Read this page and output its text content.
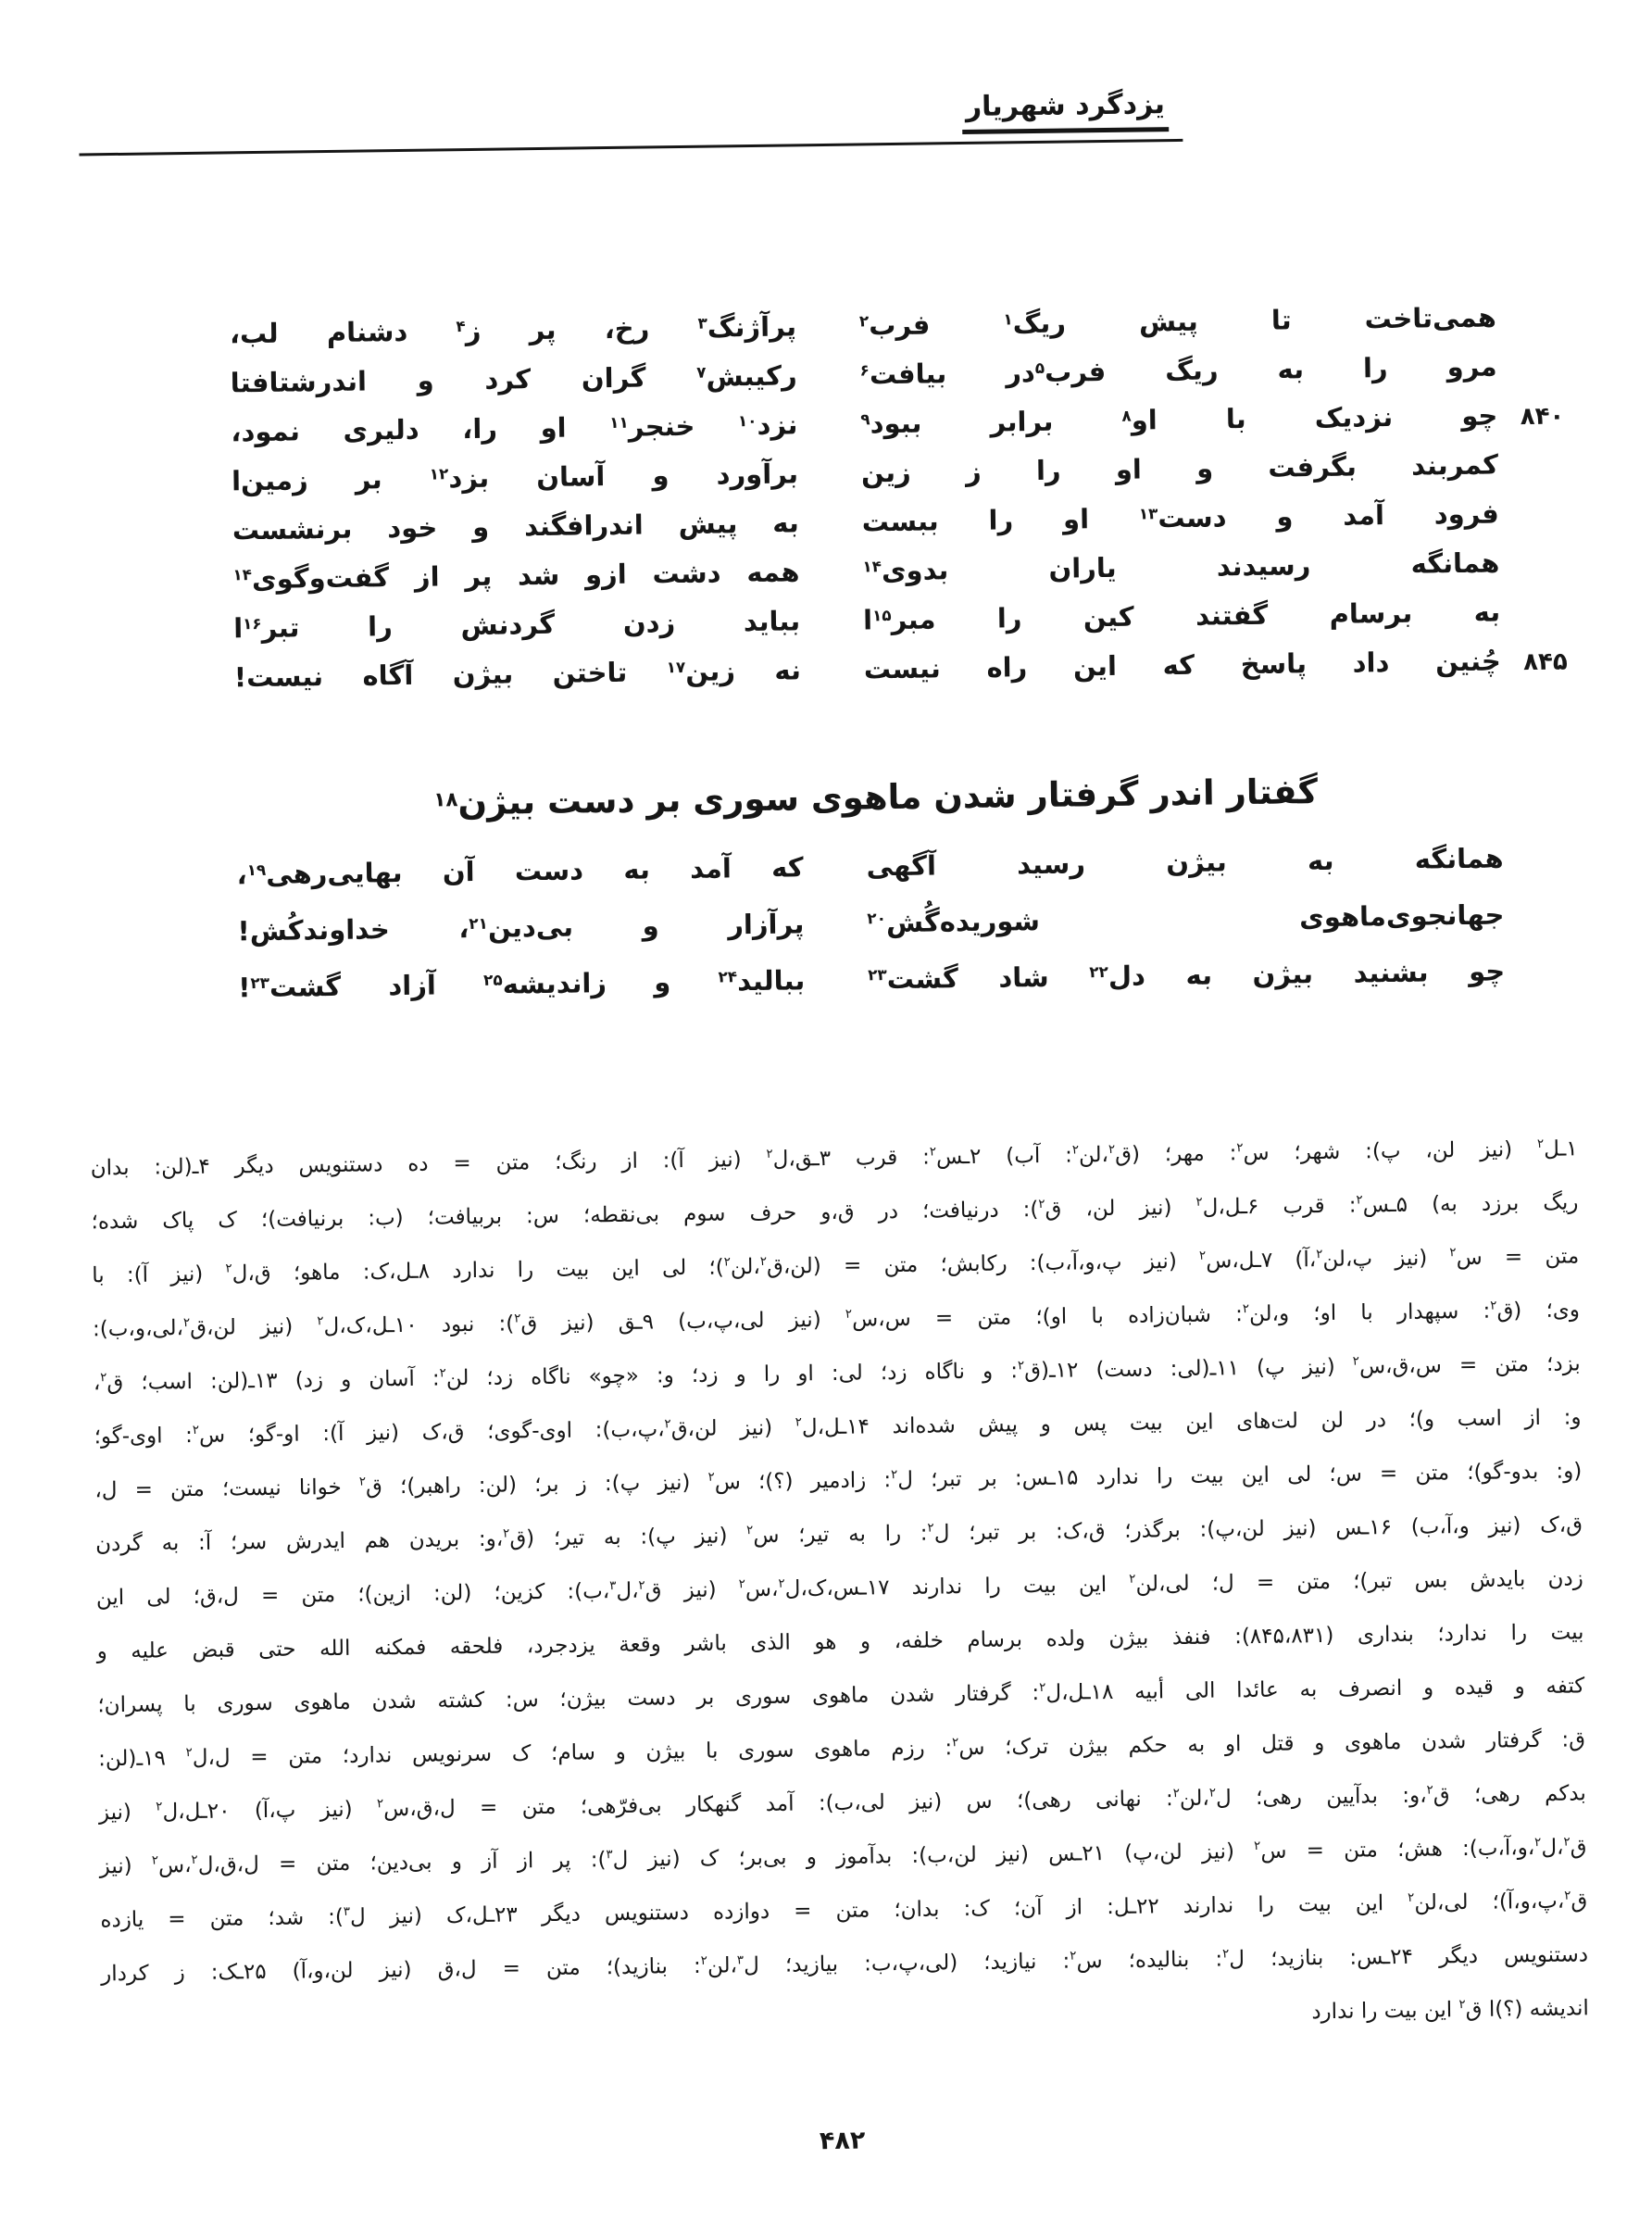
یزدگرد شهریار
همی‌تاخت تا پیش ریگ$^۱$ فرب$^۲$
پرآژنگ$^۳$ رخ، پر ز$^۴$ دشنام لب،
مرو را به ریگ فرب$^۵$در بیافت$^۶$
رکیبش$^۷$ گران کرد و اندرشتافتا
۸۴۰
چو نزدیک با او$^۸$ برابر ببود$^۹$
نزد$^{۱۰}$ خنجر$^{۱۱}$ او را، دلیری نمود،
کمربند بگرفت و او را ز زین
برآورد و آسان بزد$^{۱۲}$ بر زمین‌ا
فرود آمد و دست$^{۱۳}$ او را ببست
به پیش اندرافگند و خود برنشست
همانگه رسیدند یاران بدوی$^{۱۴}$
همه دشت ازو شد پر از گفت‌وگوی$^{۱۴}$
به برسام گفتند کین را مبر$^{۱۵}$ا
بباید زدن گردنش را تبر$^{۱۶}$ا
۸۴۵
چُنین داد پاسخ که این راه نیست
نه زین$^{۱۷}$ تاختن بیژن آگاه نیست!
گفتار اندر گرفتار شدن ماهوی سوری بر دست بیژن$^{۱۸}$
همانگه به بیژن رسید آگهی
که آمد به دست آن بهایی‌رهی$^{۱۹}$،
جهانجوی‌ماهوی شوریده‌گُش$^{۲۰}$
پرآزار و بی‌دین$^{۲۱}$، خداوندکُش!
چو بشنید بیژن به دل$^{۲۲}$ شاد گشت$^{۲۳}$
ببالید$^{۲۴}$ و زاندیشه$^{۲۵}$ آزاد گشت$^{۲۳}$!
۱ـل$^۲$ (نیز لن، پ): شهر؛ س$^۲$: مهر؛ (ق$^۲$،لن$^۲$: آب) ۲ـس$^۲$: قرب ۳ـق،ل$^۲$ (نیز آ): از رنگ؛ متن = ده دستنویس دیگر ۴ـ(لن: بدان
ریگ برزد به) ۵ـس$^۲$: قرب ۶ـل،ل$^۲$ (نیز لن، ق$^۲$): درنیافت؛ در ق،و حرف سوم بی‌نقطه؛ س: بربیافت؛ (ب: برنیافت)؛ ک پاک شده؛
متن = س$^۲$ (نیز پ،لن$^۲$،آ) ۷ـل،س$^۲$ (نیز پ،و،آ،ب): رکابش؛ متن = (لن،ق$^۲$،لن$^۲$)؛ لی این بیت را ندارد ۸ـل،ک: ماهو؛ ق،ل$^۲$ (نیز آ): با
وی؛ (ق$^۲$: سپهدار با او؛ و،لن$^۲$: شبان‌زاده با او)؛ متن = س،س$^۲$ (نیز لی،پ،ب) ۹ـق (نیز ق$^۲$): نبود ۱۰ـل،ک،ل$^۲$ (نیز لن،ق$^۲$،لی،و،ب):
بزد؛ متن = س،ق،س$^۲$ (نیز پ) ۱۱ـ(لی: دست) ۱۲ـ(ق$^۲$: و ناگاه زد؛ لی: او را و زد؛ و: «چو» ناگاه زد؛ لن$^۲$: آسان و زد) ۱۳ـ(لن: اسب؛ ق$^۲$،
و: از اسب و)؛ در لن لت‌های این بیت پس و پیش شده‌اند ۱۴ـل،ل$^۲$ (نیز لن،ق$^۲$،پ،ب): اوی-گوی؛ ق،ک (نیز آ): او-گو؛ س$^۲$: اوی-گو؛
(و: بدو-گو)؛ متن = س؛ لی این بیت را ندارد ۱۵ـس: بر تبر؛ ل$^۲$: زادمیر (؟)؛ س$^۲$ (نیز پ): ز بر؛ (لن: راهبر)؛ ق$^۲$ خوانا نیست؛ متن = ل،
ق،ک (نیز و،آ،ب) ۱۶ـس (نیز لن،پ): برگذر؛ ق،ک: بر تبر؛ ل$^۲$: را به تیر؛ س$^۲$ (نیز پ): به تیر؛ (ق$^۲$،و: بریدن هم ایدرش سر؛ آ: به گردن
زدن بایدش بس تبر)؛ متن = ل؛ لی،لن$^۲$ این بیت را ندارند ۱۷ـس،ک،ل$^۲$،س$^۲$ (نیز ق$^۲$،ل$^۳$،ب): کزین؛ (لن: ازین)؛ متن = ل،ق؛ لی این
بیت را ندارد؛ بنداری (۸۴۵،۸۳۱): فنفذ بیژن ولده برسام خلفه، و هو الذی باشر وقعة یزدجرد، فلحقه فمکنه الله حتی قبض علیه و
کتفه و قیده و انصرف به عائدا الی أبیه ۱۸ـل،ل$^۲$: گرفتار شدن ماهوی سوری بر دست بیژن؛ س: کشته شدن ماهوی سوری با پسران؛
ق: گرفتار شدن ماهوی و قتل او به حکم بیژن ترک؛ س$^۲$: رزم ماهوی سوری با بیژن و سام؛ ک سرنویس ندارد؛ متن = ل،ل$^۲$ ۱۹ـ(لن:
بدکم رهی؛ ق$^۲$،و: بدآیین رهی؛ ل$^۲$،لن$^۲$: نهانی رهی)؛ س (نیز لی،ب): آمد گنهکار بی‌فرّهی؛ متن = ل،ق،س$^۲$ (نیز پ،آ) ۲۰ـل،ل$^۲$ (نیز
ق$^۲$،ل$^۲$،و،آ،ب): هش؛ متن = س$^۲$ (نیز لن،پ) ۲۱ـس (نیز لن،ب): بدآموز و بی‌بر؛ ک (نیز ل$^۳$): پر از آز و بی‌دین؛ متن = ل،ق،ل$^۲$،س$^۲$ (نیز
ق$^۲$،پ،و،آ)؛ لی،لن$^۲$ این بیت را ندارند ۲۲ـل: از آن؛ ک: بدان؛ متن = دوازده دستنویس دیگر ۲۳ـل،ک (نیز ل$^۳$): شد؛ متن = یازده
دستنویس دیگر ۲۴ـس: بنازید؛ ل$^۲$: بنالیده؛ س$^۲$: نیازید؛ (لی،پ،ب: بیازید؛ ل$^۳$،لن$^۲$: بنازید)؛ متن = ل،ق (نیز لن،و،آ) ۲۵ـک: ز کردار
اندیشه (؟)ا ق$^۲$ این بیت را ندارد
۴۸۲
